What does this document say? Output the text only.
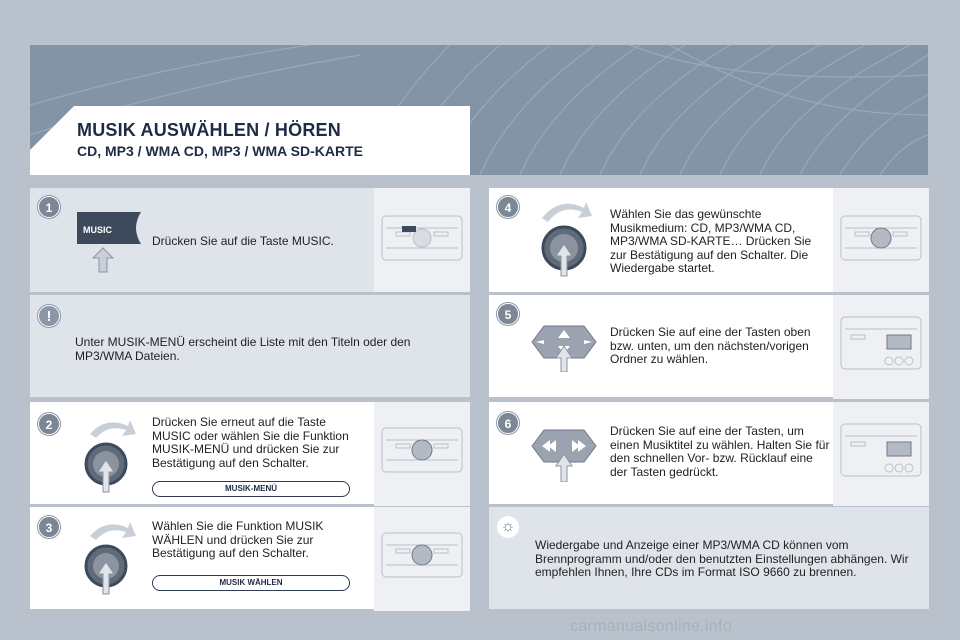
MUSIK AUSWÄHLEN / HÖREN
CD, MP3 / WMA CD, MP3 / WMA SD-KARTE
1
MUSIC
Drücken Sie auf die Taste MUSIC.
!
Unter MUSIK-MENÜ erscheint die Liste mit den Titeln oder den MP3/WMA Dateien.
2	Drücken Sie erneut auf die Taste MUSIC oder wählen Sie die Funktion MUSIK-MENÜ und drücken Sie zur Bestätigung auf den Schalter.
MUSIK-MENÜ
3	Wählen Sie die Funktion MUSIK WÄHLEN und drücken Sie zur Bestätigung auf den Schalter.
MUSIK WÄHLEN
4	Wählen Sie das gewünschte Musikmedium: CD, MP3/WMA CD, MP3/WMA SD-KARTE… Drücken Sie zur Bestätigung auf den Schalter. Die Wiedergabe startet.
5
Drücken Sie auf eine der Tasten oben bzw. unten, um den nächsten/vorigen Ordner zu wählen.
6	Drücken Sie auf eine der Tasten, um einen Musiktitel zu wählen. Halten Sie für den schnellen Vor- bzw. Rücklauf eine der Tasten gedrückt.
☼
Wiedergabe und Anzeige einer MP3/WMA CD können vom Brennprogramm und/oder den benutzten Einstellungen abhängen. Wir empfehlen Ihnen, Ihre CDs im Format ISO 9660 zu brennen.
carmanualsonline.info
